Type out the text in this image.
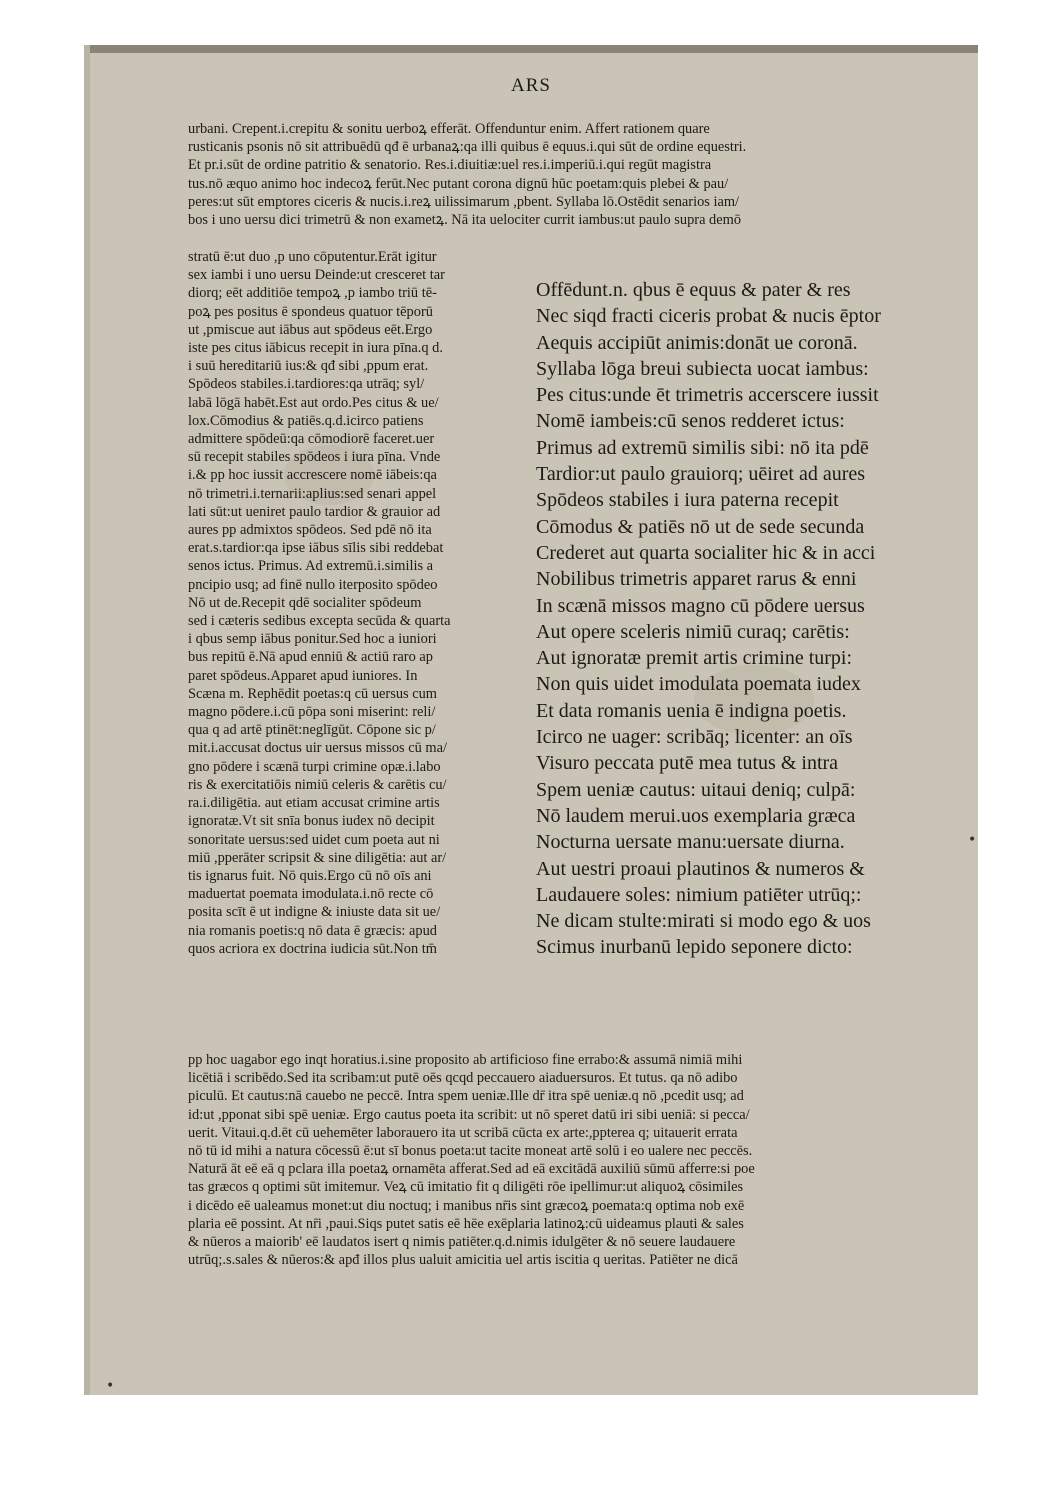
ARS
urbani. Crepent.i.crepitu & sonitu uerboꝝ efferāt. Offenduntur enim. Affert rationem quare
rusticanis psonis nō sit attribuēdū qđ ē urbanaꝝ:qa illi quibus ē equus.i.qui sūt de ordine equestri.
Et pr.i.sūt de ordine patritio & senatorio. Res.i.diuitiæ:uel res.i.imperiū.i.qui regūt magistra
tus.nō æquo animo hoc indecoꝝ ferūt.Nec putant corona dignū hūc poetam:quis plebei & pau/
peres:ut sūt emptores ciceris & nucis.i.reꝝ uilissimarum ,pbent. Syllaba lō.Ostēdit senarios iam/
bos i uno uersu dici trimetrū & non exametꝝ. Nā ita uelociter currit iambus:ut paulo supra demō
stratū ē:ut duo ,p uno cōputentur.Erāt igitur
sex iambi i uno uersu Deinde:ut cresceret tar
diorq; eēt additiōe tempoꝝ ,p iambo triū tē-
poꝝ pes positus ē spondeus quatuor tēporū
ut ,pmiscue aut iābus aut spōdeus eēt.Ergo
iste pes citus iābicus recepit in iura pīna.q d.
i suū hereditariū ius:& qđ sibi ,ppum erat.
Spōdeos stabiles.i.tardiores:qa utrāq; syl/
labā lōgā habēt.Est aut ordo.Pes citus & ue/
lox.Cōmodius & patiēs.q.d.icirco patiens
admittere spōdeū:qa cōmodiorē faceret.uer
sū recepit stabiles spōdeos i iura pīna. Vnde
i.& pp hoc iussit accrescere nomē iābeis:qa
nō trimetri.i.ternarii:aplius:sed senari appel
lati sūt:ut ueniret paulo tardior & grauior ad
aures pp admixtos spōdeos. Sed pdē nō ita
erat.s.tardior:qa ipse iābus sīlis sibi reddebat
senos ictus. Primus. Ad extremū.i.similis a
pncipio usq; ad finē nullo iterposito spōdeo
Nō ut de.Recepit qdē socialiter spōdeum
sed i cæteris sedibus excepta secūda & quarta
i qbus semp iābus ponitur.Sed hoc a iuniori
bus repitū ē.Nā apud enniū & actiū raro ap
paret spōdeus.Apparet apud iuniores. In
Scæna m. Rephēdit poetas:q cū uersus cum
magno pōdere.i.cū pōpa soni miserint: reli/
qua q ad artē ptinēt:neglīgūt. Cōpone sic p/
mit.i.accusat doctus uir uersus missos cū ma/
gno pōdere i scænā turpi crimine opæ.i.labo
ris & exercitatiōis nimiū celeris & carētis cu/
ra.i.diligētia. aut etiam accusat crimine artis
ignoratæ.Vt sit snīa bonus iudex nō decipit
sonoritate uersus:sed uidet cum poeta aut ni
miū ,pperāter scripsit & sine diligētia: aut ar/
tis ignarus fuit. Nō quis.Ergo cū nō oīs ani
maduertat poemata imodulata.i.nō recte cō
posita scīt ē ut indigne & iniuste data sit ue/
nia romanis poetis:q nō data ē græcis: apud
quos acriora ex doctrina iudicia sūt.Non tm̄
Offēdunt.n. qbus ē equus & pater & res
Nec siqd fracti ciceris probat & nucis ēptor
Aequis accipiūt animis:donāt ue coronā.
Syllaba lōga breui subiecta uocat iambus:
Pes citus:unde ēt trimetris accerscere iussit
Nomē iambeis:cū senos redderet ictus:
Primus ad extremū similis sibi: nō ita pdē
Tardior:ut paulo grauiorq; uēiret ad aures
Spōdeos stabiles i iura paterna recepit
Cōmodus & patiēs nō ut de sede secunda
Crederet aut quarta socialiter hic & in acci
Nobilibus trimetris apparet rarus & enni
In scænā missos magno cū pōdere uersus
Aut opere sceleris nimiū curaq; carētis:
Aut ignoratæ premit artis crimine turpi:
Non quis uidet imodulata poemata iudex
Et data romanis uenia ē indigna poetis.
Icirco ne uager: scribāq; licenter: an oīs
Visuro peccata putē mea tutus & intra
Spem ueniæ cautus: uitaui deniq; culpā:
Nō laudem merui.uos exemplaria græca
Nocturna uersate manu:uersate diurna.
Aut uestri proaui plautinos & numeros &
Laudauere soles: nimium patiēter utrūq;:
Ne dicam stulte:mirati si modo ego & uos
Scimus inurbanū lepido seponere dicto:
pp hoc uagabor ego inqt horatius.i.sine proposito ab artificioso fine errabo:& assumā nimiā mihi
licētiā i scribēdo.Sed ita scribam:ut putē oēs qcqd peccauero aiaduersuros. Et tutus. qa nō adibo
piculū. Et cautus:nā cauebo ne peccē. Intra spem ueniæ.Ille dr̄ itra spē ueniæ.q nō ,pcedit usq; ad
id:ut ,pponat sibi spē ueniæ. Ergo cautus poeta ita scribit: ut nō speret datū iri sibi ueniā: si pecca/
uerit. Vitaui.q.d.ēt cū uehemēter laborauero ita ut scribā cūcta ex arte:,ppterea q; uitauerit errata
nō tū id mihi a natura cōcessū ē:ut sī bonus poeta:ut tacite moneat artē solū i eo ualere nec peccēs.
Naturā āt eē eā q pclara illa poetaꝝ ornamēta afferat.Sed ad eā excitādā auxiliū sūmū afferre:si poe
tas græcos q optimi sūt imitemur. Veꝝ cū imitatio fit q diligēti rōe ipellimur:ut aliquoꝝ cōsimiles
i dicēdo eē ualeamus monet:ut diu noctuq; i manibus nr̄is sint græcoꝝ poemata:q optima nob exē
plaria eē possint. At nr̄i ,paui.Siqs putet satis eē hēe exēplaria latinoꝝ:cū uideamus plauti & sales
& nūeros a maiorib' eē laudatos isert q nimis patiēter.q.d.nimis idulgēter & nō seuere laudauere
utrūq;.s.sales & nūeros:& apđ illos plus ualuit amicitia uel artis iscitia q ueritas. Patiēter ne dicā
•
•
